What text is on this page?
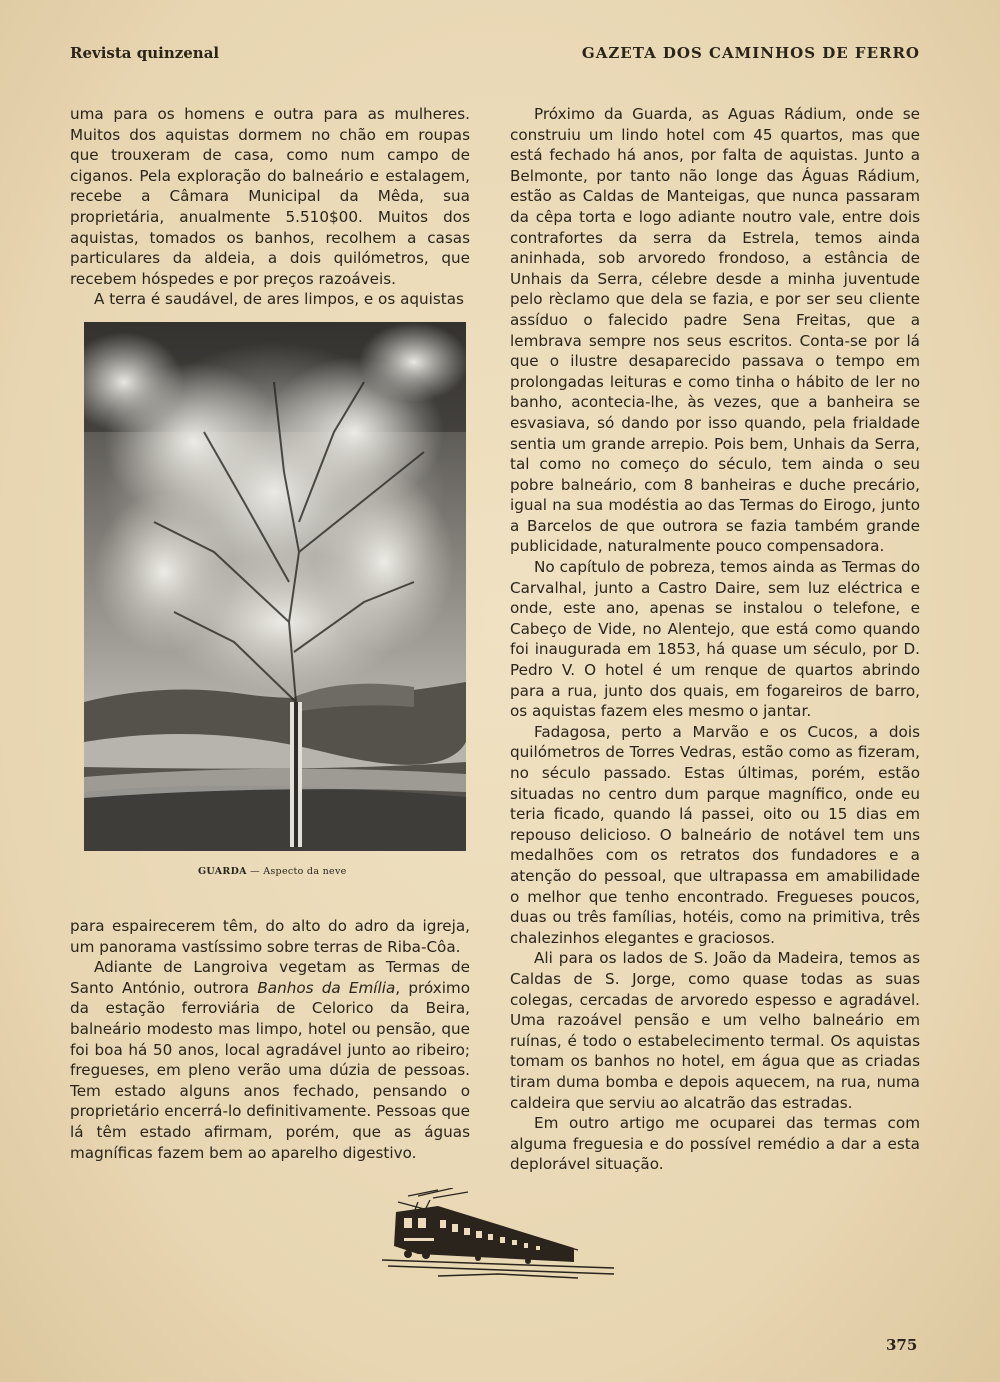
Revista quinzenal	GAZETA DOS CAMINHOS DE FERRO

uma para os homens e outra para as mulheres. Muitos dos aquistas dormem no chão em roupas que trouxeram de casa, como num campo de ciganos. Pela exploração do balneário e estalagem, recebe a Câmara Municipal da Mêda, sua proprietária, anualmente 5.510$00. Muitos dos aquistas, tomados os banhos, recolhem a casas particulares da aldeia, a dois quilómetros, que recebem hóspedes e por preços razoáveis.

A terra é saudável, de ares limpos, e os aquistas

GUARDA — Aspecto da neve

para espairecerem têm, do alto do adro da igreja, um panorama vastíssimo sobre terras de Riba-Côa.

Adiante de Langroiva vegetam as Termas de Santo António, outrora Banhos da Emília, próximo da estação ferroviária de Celorico da Beira, balneário modesto mas limpo, hotel ou pensão, que foi boa há 50 anos, local agradável junto ao ribeiro; fregueses, em pleno verão uma dúzia de pessoas. Tem estado alguns anos fechado, pensando o proprietário encerrá-lo definitivamente. Pessoas que lá têm estado afirmam, porém, que as águas magníficas fazem bem ao aparelho digestivo.

Próximo da Guarda, as Aguas Rádium, onde se construiu um lindo hotel com 45 quartos, mas que está fechado há anos, por falta de aquistas. Junto a Belmonte, por tanto não longe das Águas Rádium, estão as Caldas de Manteigas, que nunca passaram da cêpa torta e logo adiante noutro vale, entre dois contrafortes da serra da Estrela, temos ainda aninhada, sob arvoredo frondoso, a estância de Unhais da Serra, célebre desde a minha juventude pelo rèclamo que dela se fazia, e por ser seu cliente assíduo o falecido padre Sena Freitas, que a lembrava sempre nos seus escritos. Conta-se por lá que o ilustre desaparecido passava o tempo em prolongadas leituras e como tinha o hábito de ler no banho, acontecia-lhe, às vezes, que a banheira se esvasiava, só dando por isso quando, pela frialdade sentia um grande arrepio. Pois bem, Unhais da Serra, tal como no começo do século, tem ainda o seu pobre balneário, com 8 banheiras e duche precário, igual na sua modéstia ao das Termas do Eirogo, junto a Barcelos de que outrora se fazia também grande publicidade, naturalmente pouco compensadora.

No capítulo de pobreza, temos ainda as Termas do Carvalhal, junto a Castro Daire, sem luz eléctrica e onde, este ano, apenas se instalou o telefone, e Cabeço de Vide, no Alentejo, que está como quando foi inaugurada em 1853, há quase um século, por D. Pedro V. O hotel é um renque de quartos abrindo para a rua, junto dos quais, em fogareiros de barro, os aquistas fazem eles mesmo o jantar.

Fadagosa, perto a Marvão e os Cucos, a dois quilómetros de Torres Vedras, estão como as fizeram, no século passado. Estas últimas, porém, estão situadas no centro dum parque magnífico, onde eu teria ficado, quando lá passei, oito ou 15 dias em repouso delicioso. O balneário de notável tem uns medalhões com os retratos dos fundadores e a atenção do pessoal, que ultrapassa em amabilidade o melhor que tenho encontrado. Fregueses poucos, duas ou três famílias, hotéis, como na primitiva, três chalezinhos elegantes e graciosos.

Ali para os lados de S. João da Madeira, temos as Caldas de S. Jorge, como quase todas as suas colegas, cercadas de arvoredo espesso e agradável. Uma razoável pensão e um velho balneário em ruínas, é todo o estabelecimento termal. Os aquistas tomam os banhos no hotel, em água que as criadas tiram duma bomba e depois aquecem, na rua, numa caldeira que serviu ao alcatrão das estradas.

Em outro artigo me ocuparei das termas com alguma freguesia e do possível remédio a dar a esta deplorável situação.

375
